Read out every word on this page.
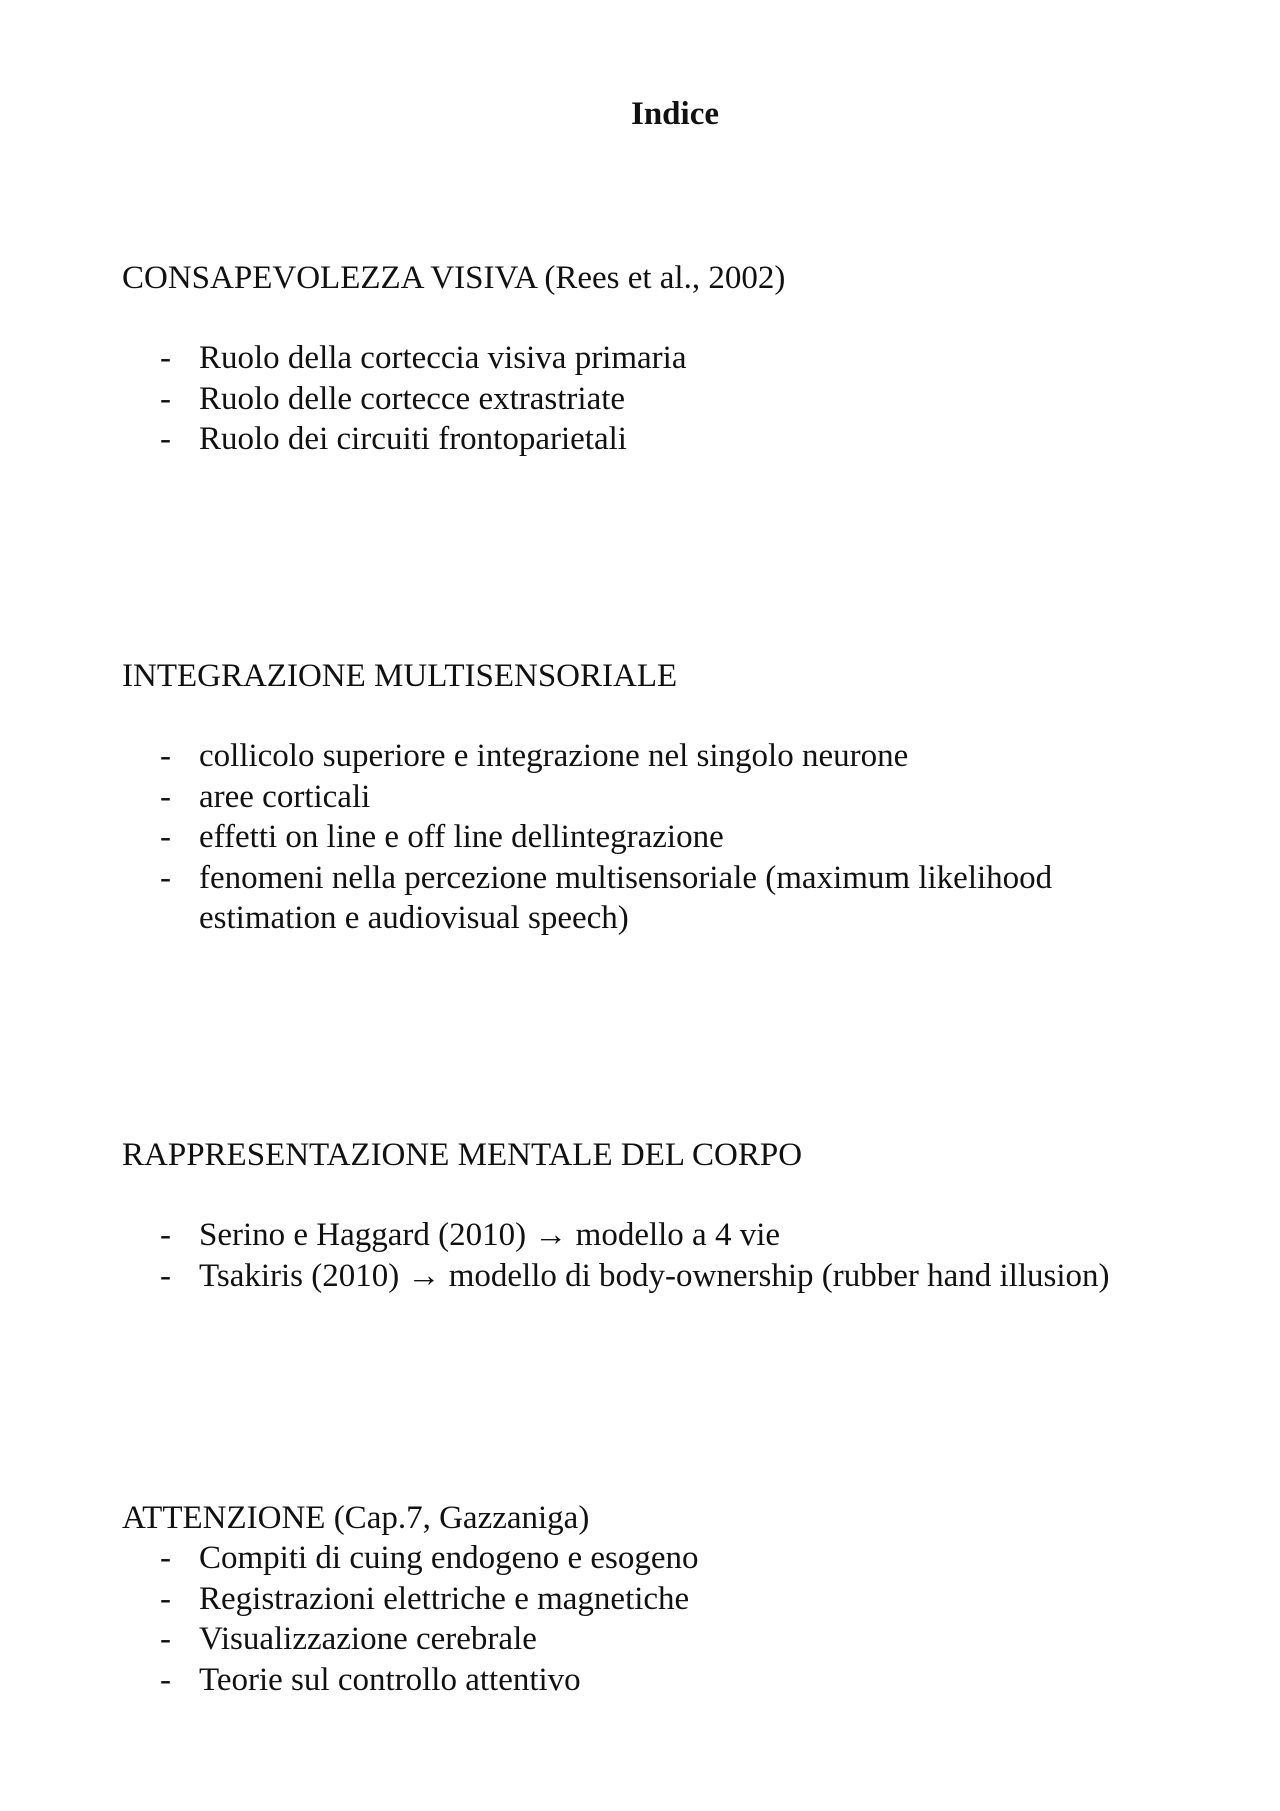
Indice

CONSAPEVOLEZZA VISIVA (Rees et al., 2002)

- Ruolo della corteccia visiva primaria
- Ruolo delle cortecce extrastriate
- Ruolo dei circuiti frontoparietali

INTEGRAZIONE MULTISENSORIALE

- collicolo superiore e integrazione nel singolo neurone
- aree corticali
- effetti on line e off line dellintegrazione
- fenomeni nella percezione multisensoriale (maximum likelihood estimation e audiovisual speech)

RAPPRESENTAZIONE MENTALE DEL CORPO

- Serino e Haggard (2010) → modello a 4 vie
- Tsakiris (2010) → modello di body-ownership (rubber hand illusion)

ATTENZIONE (Cap.7, Gazzaniga)

- Compiti di cuing endogeno e esogeno
- Registrazioni elettriche e magnetiche
- Visualizzazione cerebrale
- Teorie sul controllo attentivo
